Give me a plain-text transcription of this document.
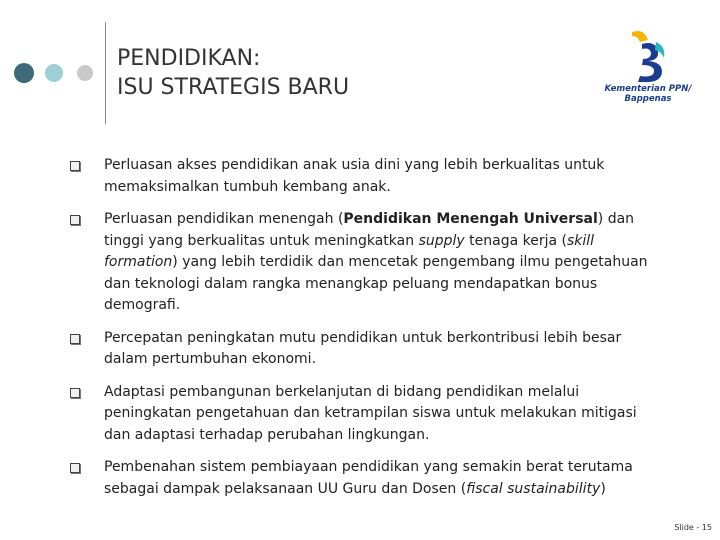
PENDIDIKAN:
ISU STRATEGIS BARU	Kementerian PPN/
Bappenas
Perluasan akses pendidikan anak usia dini yang lebih berkualitas untuk memaksimalkan tumbuh kembang anak.
Perluasan pendidikan menengah (Pendidikan Menengah Universal) dan tinggi yang berkualitas untuk meningkatkan supply tenaga kerja (skill formation) yang lebih terdidik dan mencetak pengembang ilmu pengetahuan dan teknologi dalam rangka menangkap peluang mendapatkan bonus demografi.
Percepatan peningkatan mutu pendidikan untuk berkontribusi lebih besar dalam pertumbuhan ekonomi.
Adaptasi pembangunan berkelanjutan di bidang pendidikan melalui peningkatan pengetahuan dan ketrampilan siswa untuk melakukan mitigasi dan adaptasi terhadap perubahan lingkungan.
Pembenahan sistem pembiayaan pendidikan yang semakin berat terutama sebagai dampak pelaksanaan UU Guru dan Dosen (fiscal sustainability)
Slide - 15
